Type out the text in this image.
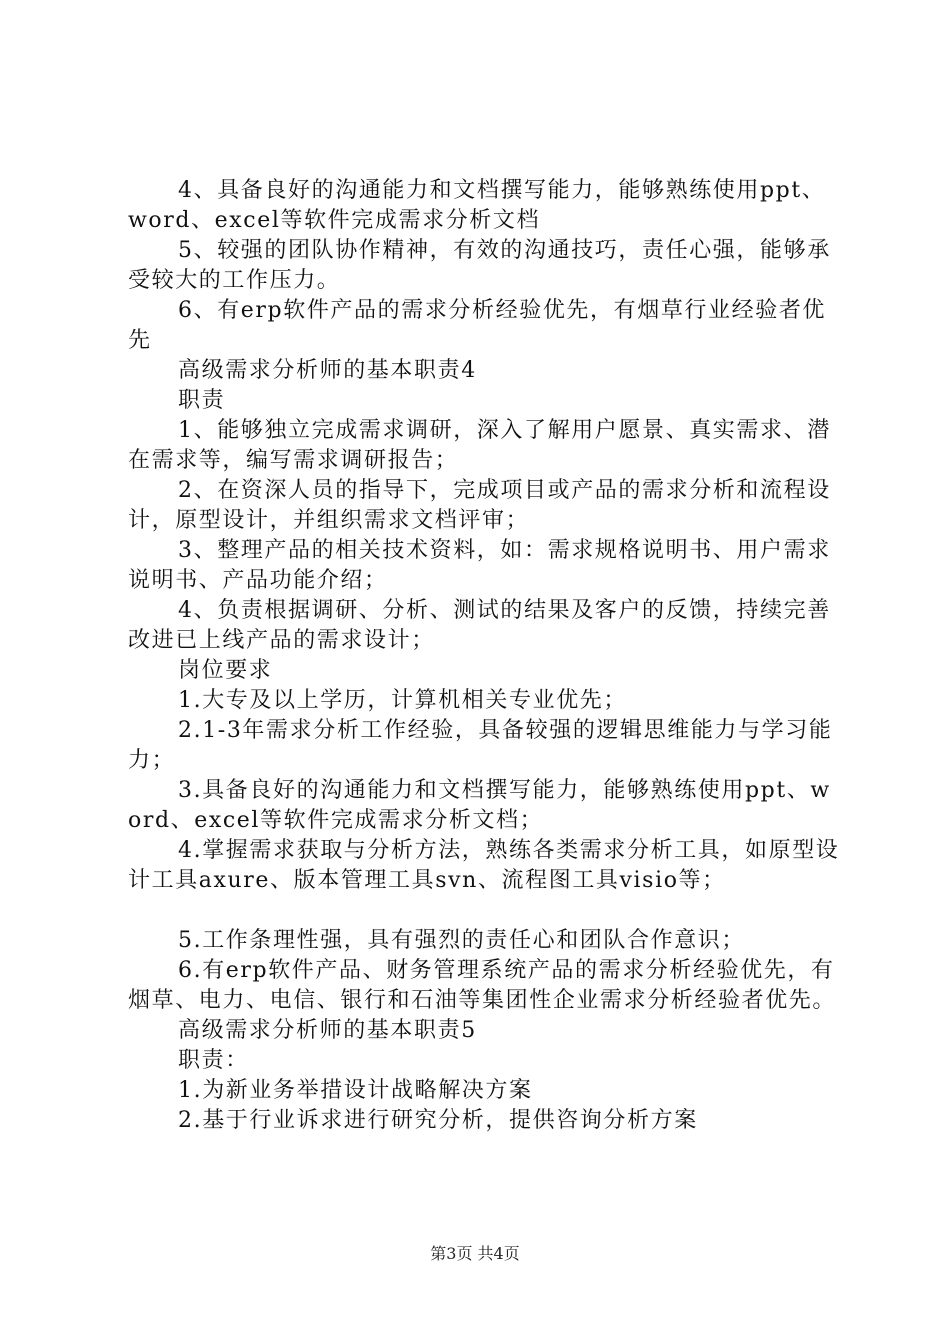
4、具备良好的沟通能力和文档撰写能力，能够熟练使用ppt、word、excel等软件完成需求分析文档

5、较强的团队协作精神，有效的沟通技巧，责任心强，能够承受较大的工作压力。

6、有erp软件产品的需求分析经验优先，有烟草行业经验者优先

高级需求分析师的基本职责4

职责

1、能够独立完成需求调研，深入了解用户愿景、真实需求、潜在需求等，编写需求调研报告；

2、在资深人员的指导下，完成项目或产品的需求分析和流程设计，原型设计，并组织需求文档评审；

3、整理产品的相关技术资料，如：需求规格说明书、用户需求说明书、产品功能介绍；

4、负责根据调研、分析、测试的结果及客户的反馈，持续完善改进已上线产品的需求设计；

岗位要求

1.大专及以上学历，计算机相关专业优先；

2.1-3年需求分析工作经验，具备较强的逻辑思维能力与学习能力；

3.具备良好的沟通能力和文档撰写能力，能够熟练使用ppt、word、excel等软件完成需求分析文档；

4.掌握需求获取与分析方法，熟练各类需求分析工具，如原型设计工具axure、版本管理工具svn、流程图工具visio等；

5.工作条理性强，具有强烈的责任心和团队合作意识；

6.有erp软件产品、财务管理系统产品的需求分析经验优先，有烟草、电力、电信、银行和石油等集团性企业需求分析经验者优先。

高级需求分析师的基本职责5

职责：

1.为新业务举措设计战略解决方案

2.基于行业诉求进行研究分析，提供咨询分析方案

第3页 共4页
